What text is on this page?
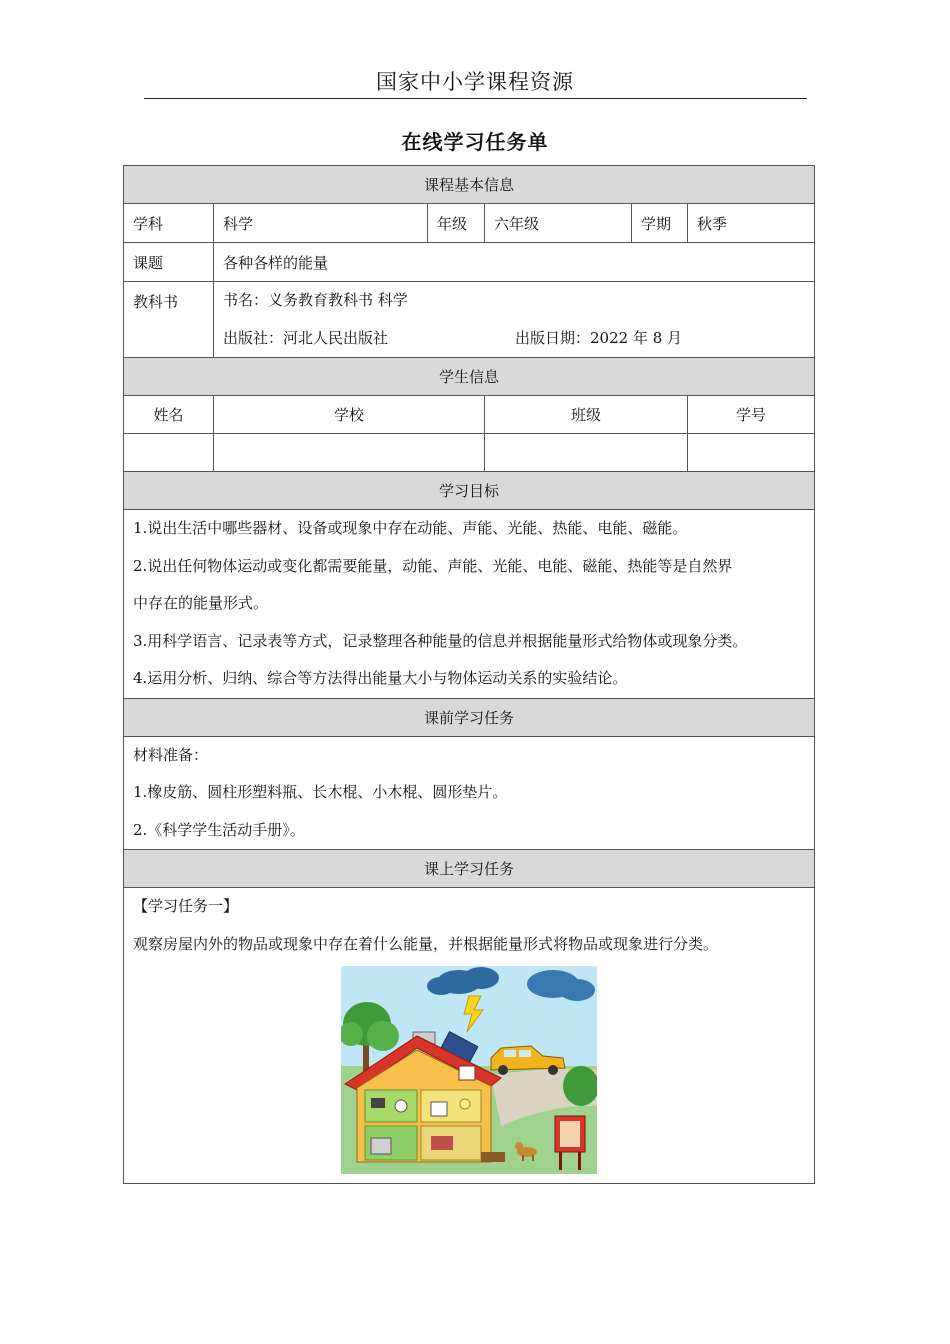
国家中小学课程资源
在线学习任务单
课程基本信息					
学科	科学	年级	六年级	学期	秋季
课题	各种各样的能量				
教科书	书名：义务教育教科书 科学
出版社：河北人民出版社 出版日期：2022 年 8 月				

学生信息					
姓名	学校		班级		学号

学习目标					

1.说出生活中哪些器材、设备或现象中存在动能、声能、光能、热能、电能、磁能。
2.说出任何物体运动或变化都需要能量，动能、声能、光能、电能、磁能、热能等是自然界
中存在的能量形式。
3.用科学语言、记录表等方式，记录整理各种能量的信息并根据能量形式给物体或现象分类。
4.运用分析、归纳、综合等方法得出能量大小与物体运动关系的实验结论。					

课前学习任务					

材料准备：
1.橡皮筋、圆柱形塑料瓶、长木棍、小木棍、圆形垫片。
2.《科学学生活动手册》。					

课上学习任务					

【学习任务一】
观察房屋内外的物品或现象中存在着什么能量，并根据能量形式将物品或现象进行分类。					
